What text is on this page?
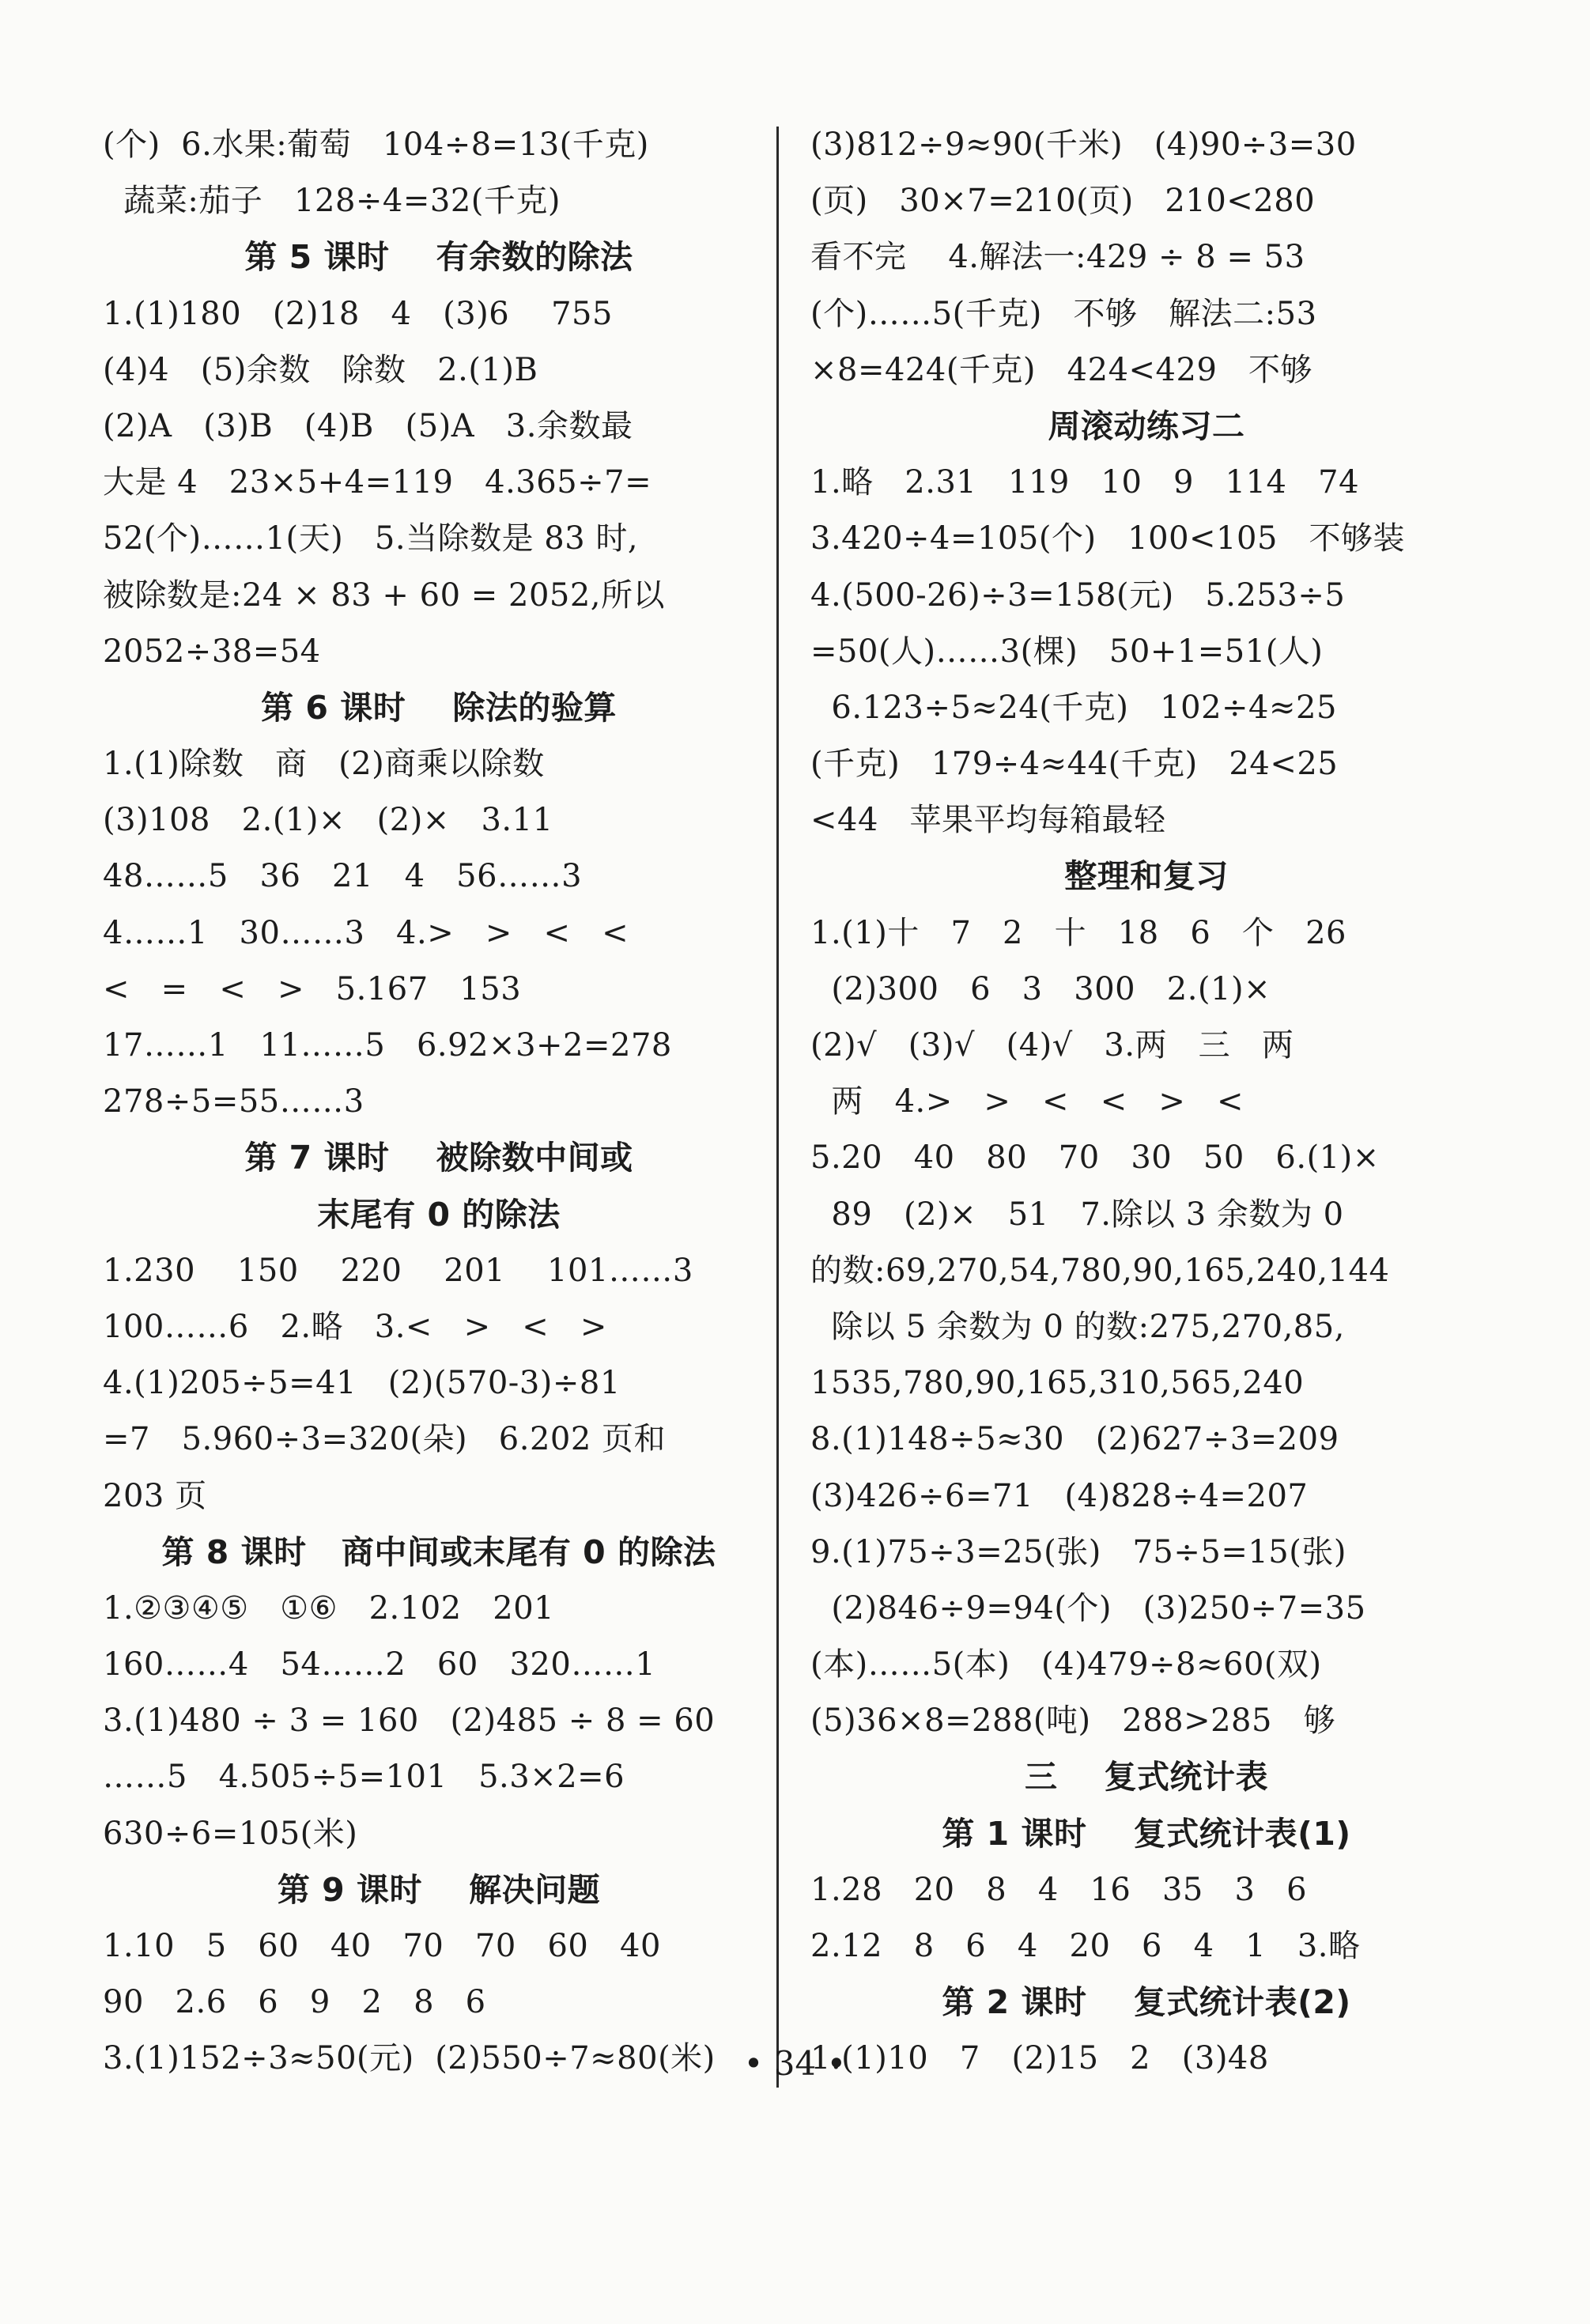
(个)  6.水果:葡萄   104÷8=13(千克)
蔬菜:茄子   128÷4=32(千克)
第 5 课时    有余数的除法
1.(1)180   (2)18   4   (3)6    755
(4)4   (5)余数   除数   2.(1)B
(2)A   (3)B   (4)B   (5)A   3.余数最
大是 4   23×5+4=119   4.365÷7=
52(个)……1(天)   5.当除数是 83 时,
被除数是:24 × 83 + 60 = 2052,所以
2052÷38=54
第 6 课时    除法的验算
1.(1)除数   商   (2)商乘以除数
(3)108   2.(1)×   (2)×   3.11
48……5   36   21   4   56……3
4……1   30……3   4.>   >   <   <
<   =   <   >   5.167   153
17……1   11……5   6.92×3+2=278
278÷5=55……3
第 7 课时    被除数中间或
末尾有 0 的除法
1.230    150    220    201    101……3
100……6   2.略   3.<   >   <   >
4.(1)205÷5=41   (2)(570-3)÷81
=7   5.960÷3=320(朵)   6.202 页和
203 页
第 8 课时   商中间或末尾有 0 的除法
1.②③④⑤   ①⑥   2.102   201
160……4   54……2   60   320……1
3.(1)480 ÷ 3 = 160   (2)485 ÷ 8 = 60
……5   4.505÷5=101   5.3×2=6
630÷6=105(米)
第 9 课时    解决问题
1.10   5   60   40   70   70   60   40
90   2.6   6   9   2   8   6
3.(1)152÷3≈50(元)  (2)550÷7≈80(米)
(3)812÷9≈90(千米)   (4)90÷3=30
(页)   30×7=210(页)   210<280
看不完    4.解法一:429 ÷ 8 = 53
(个)……5(千克)   不够   解法二:53
×8=424(千克)   424<429   不够
周滚动练习二
1.略   2.31   119   10   9   114   74
3.420÷4=105(个)   100<105   不够装
4.(500-26)÷3=158(元)   5.253÷5
=50(人)……3(棵)   50+1=51(人)
6.123÷5≈24(千克)   102÷4≈25
(千克)   179÷4≈44(千克)   24<25
<44   苹果平均每箱最轻
整理和复习
1.(1)十   7   2   十   18   6   个   26
(2)300   6   3   300   2.(1)×
(2)√   (3)√   (4)√   3.两   三   两
两   4.>   >   <   <   >   <
5.20   40   80   70   30   50   6.(1)×
89   (2)×   51   7.除以 3 余数为 0
的数:69,270,54,780,90,165,240,144
除以 5 余数为 0 的数:275,270,85,
1535,780,90,165,310,565,240
8.(1)148÷5≈30   (2)627÷3=209
(3)426÷6=71   (4)828÷4=207
9.(1)75÷3=25(张)   75÷5=15(张)
(2)846÷9=94(个)   (3)250÷7=35
(本)……5(本)   (4)479÷8≈60(双)
(5)36×8=288(吨)   288>285   够
三    复式统计表
第 1 课时    复式统计表(1)
1.28   20   8   4   16   35   3   6
2.12   8   6   4   20   6   4   1   3.略
第 2 课时    复式统计表(2)
1.(1)10   7   (2)15   2   (3)48
• 34 •
